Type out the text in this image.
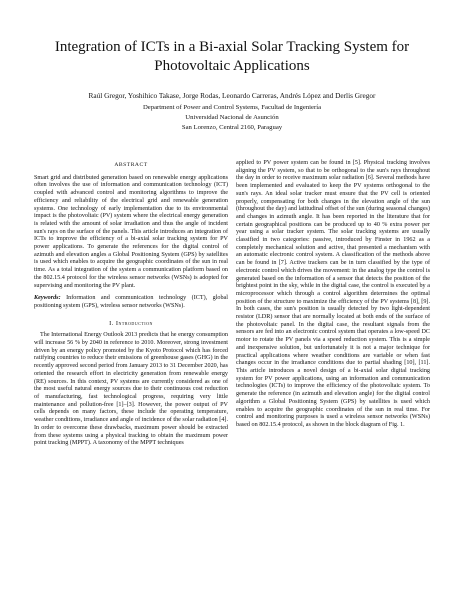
Integration of ICTs in a Bi-axial Solar Tracking System for Photovoltaic Applications
Raúl Gregor, Yoshihico Takase, Jorge Rodas, Leonardo Carreras, Andrés López and Derlis Gregor
Department of Power and Control Systems, Facultad de Ingeniería
Universidad Nacional de Asunción
San Lorenzo, Central 2160, Paraguay
ABSTRACT

Smart grid and distributed generation based on renewable energy applications often involves the use of information and communication technology (ICT) coupled with advanced control and monitoring algorithms to improve the efficiency and reliability of the electrical grid and renewable generation systems. One technology of early implementation due to its environmental impact is the photovoltaic (PV) system where the electrical energy generation is related with the amount of solar irradiation and thus the angle of incident sun's rays on the surface of the panels. This article introduces an integration of ICTs to improve the efficiency of a bi-axial solar tracking system for PV power applications. To generate the references for the digital control of azimuth and elevation angles a Global Positioning System (GPS) by satellites is used which enables to acquire the geographic coordinates of the sun in real time. As a total integration of the system a communication platform based on the 802.15.4 protocol for the wireless sensor networks (WSNs) is adopted for supervising and monitoring the PV plant.

Keywords: Information and communication technology (ICT), global positioning system (GPS), wireless sensor networks (WSNs).

I. Introduction

The International Energy Outlook 2013 predicts that he energy consumption will increase 56 % by 2040 in reference to 2010. Moreover, strong investment driven by an energy policy promoted by the Kyoto Protocol which has forced ratifying countries to reduce their emissions of greenhouse gases (GHG) in the recently approved second period from January 2013 to 31 December 2020, has oriented the research effort in electricity generation from renewable energy (RE) sources. In this context, PV systems are currently considered as one of the most useful natural energy sources due to their continuous cost reduction of manufacturing, fast technological progress, requiring very little maintenance and pollution-free [1]–[3]. However, the power output of PV cells depends on many factors, these include the operating temperature, weather conditions, irradiance and angle of incidence of the solar radiation [4]. In order to overcome these drawbacks, maximum power should be extracted from these systems using a physical tracking to obtain the maximum power point tracking (MPPT). A taxonomy of the MPPT techniques

applied to PV power system can be found in [5]. Physical tracking involves aligning the PV system, so that to be orthogonal to the sun's rays throughout the day in order to receive maximum solar radiation [6]. Several methods have been implemented and evaluated to keep the PV systems orthogonal to the sun's rays. An ideal solar tracker must ensure that the PV cell is oriented properly, compensating for both changes in the elevation angle of the sun (throughout the day) and latitudinal offset of the sun (during seasonal changes) and changes in azimuth angle. It has been reported in the literature that for certain geographical positions can be produced up to 40 % extra power per year using a solar tracker system. The solar tracking systems are usually classified in two categories: passive, introduced by Finster in 1962 as a completely mechanical solution and active, that presented a mechanism with an automatic electronic control system. A classification of the methods above can be found in [7]. Active trackers can be in turn classified by the type of electronic control which drives the movement: in the analog type the control is generated based on the information of a sensor that detects the position of the brightest point in the sky, while in the digital case, the control is executed by a microprocessor which through a control algorithm determines the optimal position of the structure to maximize the efficiency of the PV systems [8], [9]. In both cases, the sun's position is usually detected by two light-dependent resistor (LDR) sensor that are normally located at both ends of the surface of the photovoltaic panel. In the digital case, the resultant signals from the sensors are fed into an electronic control system that operates a low-speed DC motor to rotate the PV panels via a speed reduction system. This is a simple and inexpensive solution, but unfortunately it is not a major technique for practical applications where weather conditions are variable or when fast changes occur in the irradiance conditions due to partial shading [10], [11]. This article introduces a novel design of a bi-axial solar digital tracking system for PV power applications, using an information and communication technologies (ICTs) to improve the efficiency of the photovoltaic system. To generate the reference (in azimuth and elevation angle) for the digital control algorithm a Global Positioning System (GPS) by satellites is used which enables to acquire the geographic coordinates of the sun in real time. For control and monitoring purposes is used a wireless sensor networks (WSNs) based on 802.15.4 protocol, as shown in the block diagram of Fig. 1.
